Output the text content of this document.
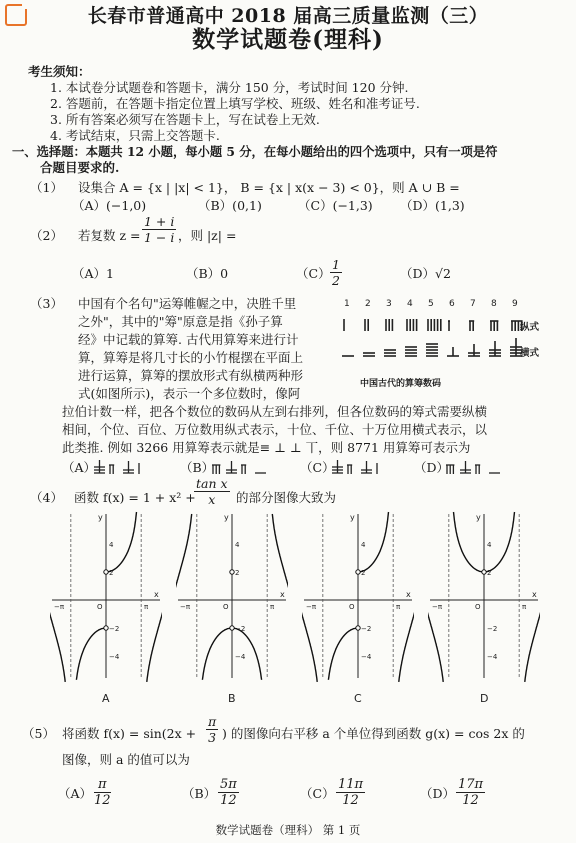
长春市普通高中 2018 届高三质量监测（三）
数学试题卷(理科)
考生须知：
1. 本试卷分试题卷和答题卡，满分 150 分，考试时间 120 分钟.
2. 答题前，在答题卡指定位置上填写学校、班级、姓名和准考证号.
3. 所有答案必须写在答题卡上，写在试卷上无效.
4. 考试结束，只需上交答题卡.
一、选择题：本题共 12 小题，每小题 5 分，在每小题给出的四个选项中，只有一项是符
合题目要求的.
（1） 设集合 A = {x | |x| < 1}， B = {x | x(x − 3) < 0}，则 A ∪ B =
（A）(−1,0)	（B）(0,1)	（C）(−1,3) （D）(1,3)
（2） 若复数 $z = \frac{1 + i}{1 - i}$ ，则 |z| =
（A）1	（B）0	$(C) \frac{1}{2}$	（D）√2
（3） 中国有个名句"运筹帷幄之中，决胜千里
之外"，其中的"筹"原意是指《孙子算
经》中记载的算筹. 古代用算筹来进行计
算，算筹是将几寸长的小竹棍摆在平面上
进行运算，算筹的摆放形式有纵横两种形
式(如图所示)，表示一个多位数时，像阿
拉伯计数一样，把各个数位的数码从左到右排列，但各位数码的筹式需要纵横
相间，个位、百位、万位数用纵式表示，十位、千位、十万位用横式表示，以
此类推. 例如 3266 用算筹表示就是≡ ⊥ ⊥ 丅，则 8771 用算筹可表示为
1 2 3 4 5 6 7 8 9
纵式
横式
中国古代的算筹数码
（A）	（B）	（C）	（D）
（4） 函数 f(x) = 1 + x² +
$\frac{\text{tan x}}{x}$ 的部分图像大致为
y
x
O
−π	π
2
4
−2
−4
A
y
x
O
−π	π
2
4
−2
−4
B
y
x
O
−π	π
2
4
−2
−4
C
y
x
O
−π	π
2
4
−2
−4
D
（5） 将函数 $f(x) = \sin(2x + \frac{\pi}{3}$ ) 的图像向右平移 a 个单位得到函数 g(x) = cos 2x 的
图像，则 a 的值可以为
$(A) \frac{\pi}{12}$	$(B) \frac{5\pi}{12}$	$(C) \frac{11\pi}{12}$	$(D) \frac{17\pi}{12}$
数学试题卷（理科） 第 1 页
